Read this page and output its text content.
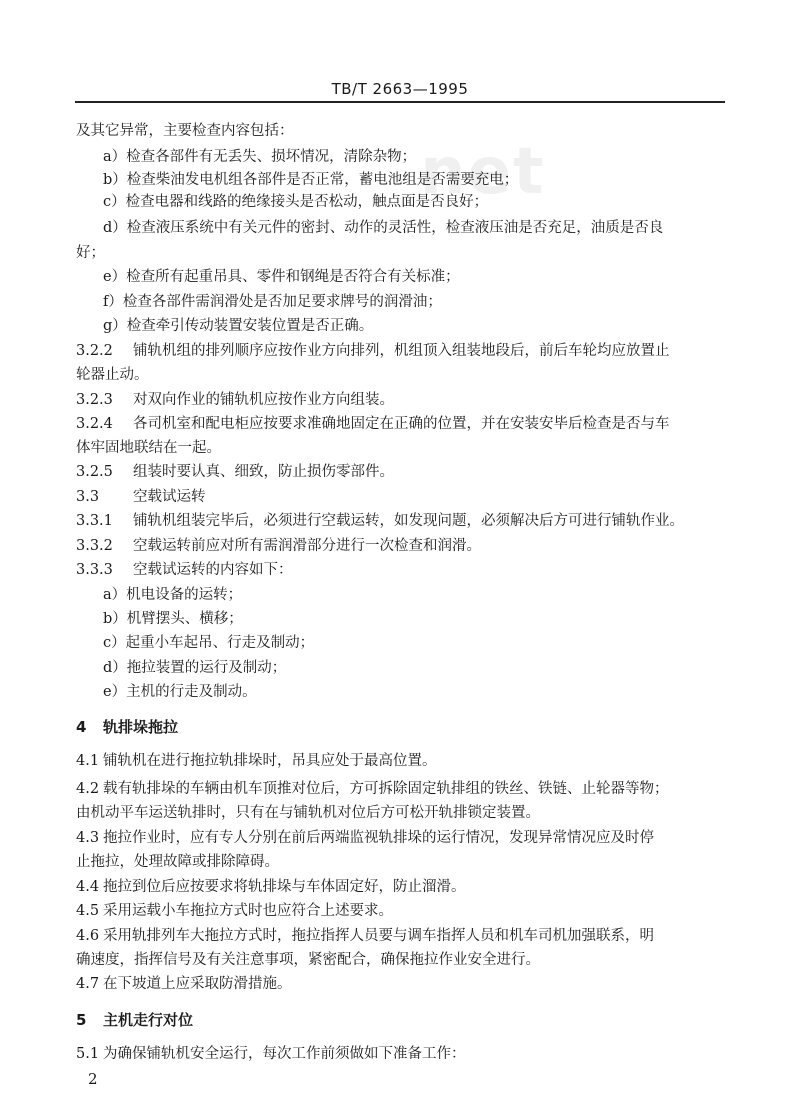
net
TB/T 2663—1995
及其它异常，主要检查内容包括：
a）检查各部件有无丢失、损坏情况，清除杂物；
b）检查柴油发电机组各部件是否正常，蓄电池组是否需要充电；
c）检查电器和线路的绝缘接头是否松动，触点面是否良好；
d）检查液压系统中有关元件的密封、动作的灵活性，检查液压油是否充足，油质是否良
好；
e）检查所有起重吊具、零件和钢绳是否符合有关标准；
f）检查各部件需润滑处是否加足要求牌号的润滑油；
g）检查牵引传动装置安装位置是否正确。
3.2.2 铺轨机组的排列顺序应按作业方向排列，机组顶入组装地段后，前后车轮均应放置止
轮器止动。
3.2.3 对双向作业的铺轨机应按作业方向组装。
3.2.4 各司机室和配电柜应按要求准确地固定在正确的位置，并在安装安毕后检查是否与车
体牢固地联结在一起。
3.2.5 组装时要认真、细致，防止损伤零部件。
3.3 空载试运转
3.3.1 铺轨机组装完毕后，必须进行空载运转，如发现问题，必须解决后方可进行铺轨作业。
3.3.2 空载运转前应对所有需润滑部分进行一次检查和润滑。
3.3.3 空载试运转的内容如下：
a）机电设备的运转；
b）机臂摆头、横移；
c）起重小车起吊、行走及制动；
d）拖拉装置的运行及制动；
e）主机的行走及制动。
4 轨排垛拖拉
4.1 铺轨机在进行拖拉轨排垛时，吊具应处于最高位置。
4.2 载有轨排垛的车辆由机车顶推对位后，方可拆除固定轨排组的铁丝、铁链、止轮器等物；
由机动平车运送轨排时，只有在与铺轨机对位后方可松开轨排锁定装置。
4.3 拖拉作业时，应有专人分别在前后两端监视轨排垛的运行情况，发现异常情况应及时停
止拖拉，处理故障或排除障碍。
4.4 拖拉到位后应按要求将轨排垛与车体固定好，防止溜滑。
4.5 采用运载小车拖拉方式时也应符合上述要求。
4.6 采用轨排列车大拖拉方式时，拖拉指挥人员要与调车指挥人员和机车司机加强联系，明
确速度，指挥信号及有关注意事项，紧密配合，确保拖拉作业安全进行。
4.7 在下坡道上应采取防滑措施。
5 主机走行对位
5.1 为确保铺轨机安全运行，每次工作前须做如下准备工作：
2
